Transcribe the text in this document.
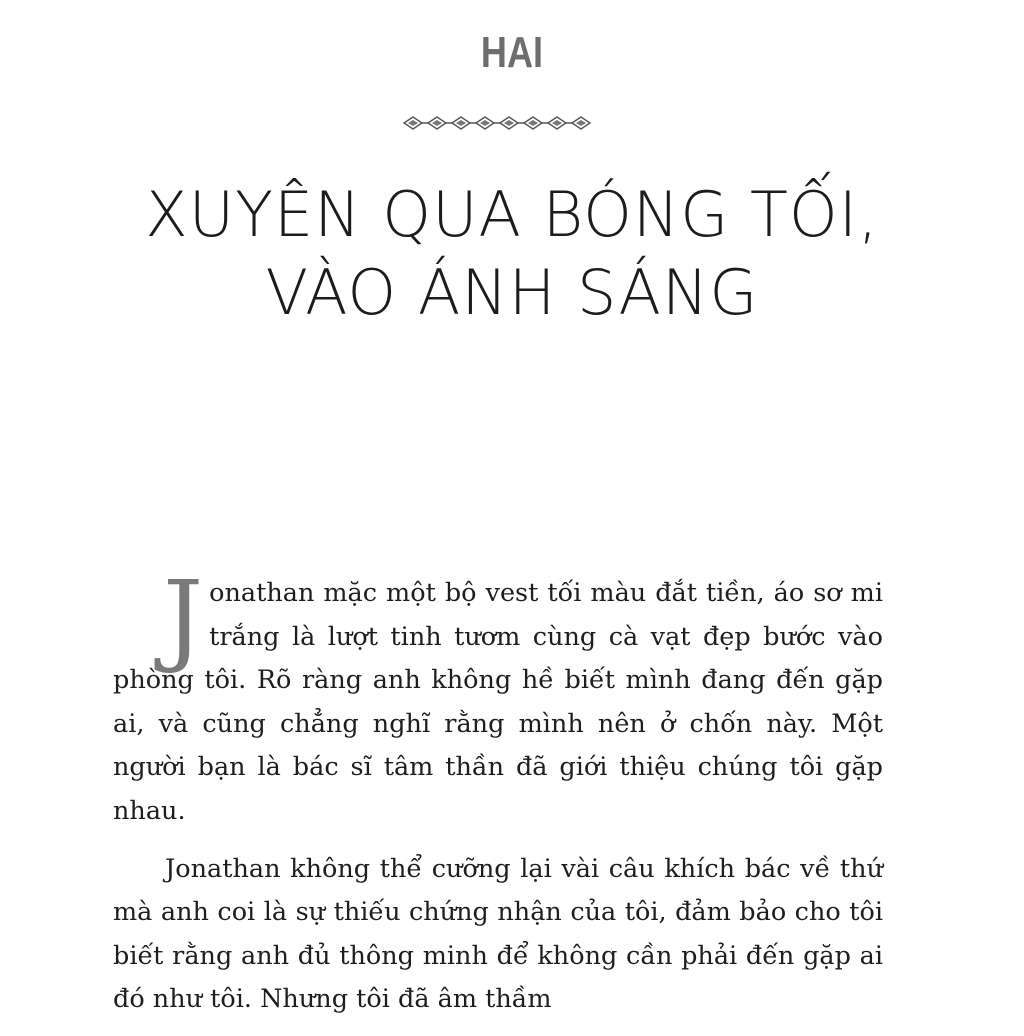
HAI
XUYÊN QUA BÓNG TỐI,
VÀO ÁNH SÁNG

Jonathan mặc một bộ vest tối màu đắt tiền, áo sơ mi trắng là lượt tinh tươm cùng cà vạt đẹp bước vào phòng tôi. Rõ ràng anh không hề biết mình đang đến gặp ai, và cũng chẳng nghĩ rằng mình nên ở chốn này. Một người bạn là bác sĩ tâm thần đã giới thiệu chúng tôi gặp nhau.

Jonathan không thể cưỡng lại vài câu khích bác về thứ mà anh coi là sự thiếu chứng nhận của tôi, đảm bảo cho tôi biết rằng anh đủ thông minh để không cần phải đến gặp ai đó như tôi. Nhưng tôi đã âm thầm
